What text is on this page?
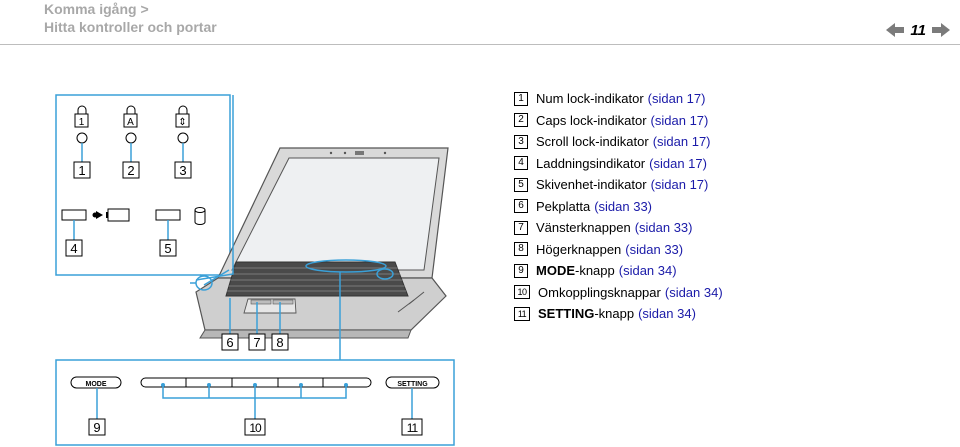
Komma igång >
Hitta kontroller och portar	11
1	A	⇕
1	2	3
4	5
6 7 8
MODE	SETTING
9	10	11
1 Num lock-indikator (sidan 17)
2 Caps lock-indikator (sidan 17)
3 Scroll lock-indikator (sidan 17)
4 Laddningsindikator (sidan 17)
5 Skivenhet-indikator (sidan 17)
6 Pekplatta (sidan 33)
7 Vänsterknappen (sidan 33)
8 Högerknappen (sidan 33)
9 MODE -knapp (sidan 34)
10 Omkopplingsknappar (sidan 34)
11 SETTING -knapp (sidan 34)
